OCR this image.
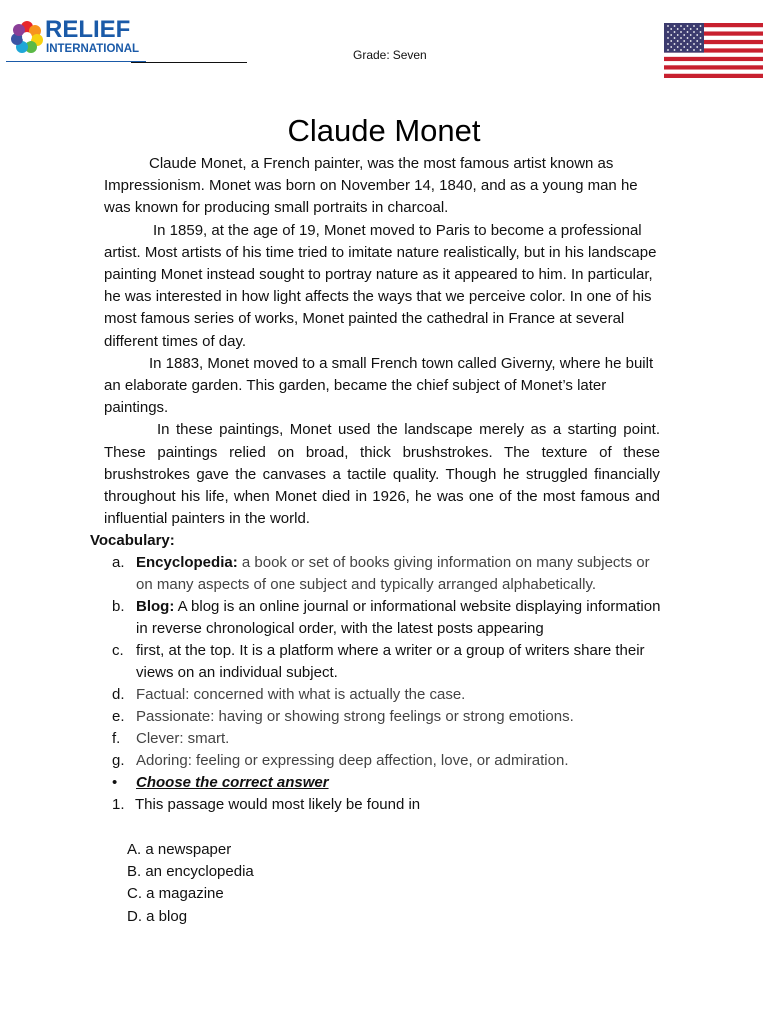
RELIEF
INTERNATIONAL	Grade: Seven
Claude Monet

Claude Monet, a French painter, was the most famous artist known as Impressionism. Monet was born on November 14, 1840, and as a young man he was known for producing small portraits in charcoal.

In 1859, at the age of 19, Monet moved to Paris to become a professional artist. Most artists of his time tried to imitate nature realistically, but in his landscape painting Monet instead sought to portray nature as it appeared to him. In particular, he was interested in how light affects the ways that we perceive color. In one of his most famous series of works, Monet painted the cathedral in France at several different times of day.

In 1883, Monet moved to a small French town called Giverny, where he built an elaborate garden. This garden, became the chief subject of Monet’s later paintings.

In these paintings, Monet used the landscape merely as a starting point. These paintings relied on broad, thick brushstrokes. The texture of these brushstrokes gave the canvases a tactile quality. Though he struggled financially throughout his life, when Monet died in 1926, he was one of the most famous and influential painters in the world.

Vocabulary:
a. Encyclopedia: a book or set of books giving information on many subjects or on many aspects of one subject and typically arranged alphabetically.
b. Blog: A blog is an online journal or informational website displaying information in reverse chronological order, with the latest posts appearing
c. first, at the top. It is a platform where a writer or a group of writers share their views on an individual subject.
d. Factual: concerned with what is actually the case.
e. Passionate: having or showing strong feelings or strong emotions.
f. Clever: smart.
g. Adoring: feeling or expressing deep affection, love, or admiration.
• Choose the correct answer
1. This passage would most likely be found in
A. a newspaper
B. an encyclopedia
C. a magazine
D. a blog
